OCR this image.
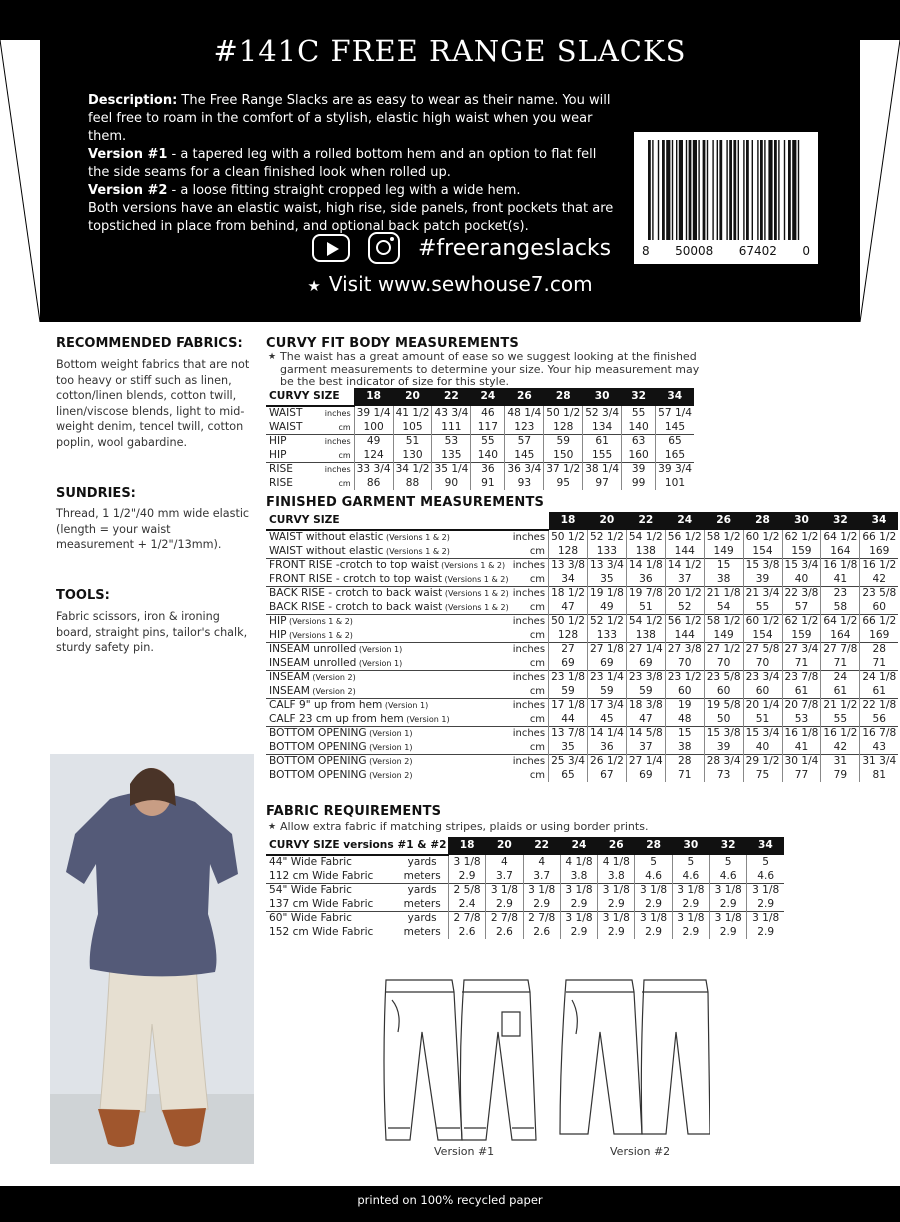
#141C FREE RANGE SLACKS
Description: The Free Range Slacks are as easy to wear as their name. You will feel free to roam in the comfort of a stylish, elastic high waist when you wear them.
Version #1 - a tapered leg with a rolled bottom hem and an option to flat fell the side seams for a clean finished look when rolled up.
Version #2 - a loose fitting straight cropped leg with a wide hem.
Both versions have an elastic waist, high rise, side panels, front pockets that are topstiched in place from behind, and optional back patch pocket(s).
8 50008 67402 0
#freerangeslacks
★ Visit www.sewhouse7.com
RECOMMENDED FABRICS:
Bottom weight fabrics that are not too heavy or stiff such as linen, cotton/linen blends, cotton twill, linen/viscose blends, light to mid-weight denim, tencel twill, cotton poplin, wool gabardine.
SUNDRIES:
Thread, 1 1/2"/40 mm wide elastic (length = your waist measurement + 1/2"/13mm).
TOOLS:
Fabric scissors, iron & ironing board, straight pins, tailor's chalk, sturdy safety pin.
CURVY FIT BODY MEASUREMENTS
★ The waist has a great amount of ease so we suggest looking at the finished garment measurements to determine your size. Your hip measurement may be the best indicator of size for this style.
CURVY SIZE		18	20	22	24	26	28	30	32	34
WAIST	inches	39 1/4	41 1/2	43 3/4	46	48 1/4	50 1/2	52 3/4	55	57 1/4
WAIST	cm	100	105	111	117	123	128	134	140	145
HIP	inches	49	51	53	55	57	59	61	63	65
HIP	cm	124	130	135	140	145	150	155	160	165
RISE	inches	33 3/4	34 1/2	35 1/4	36	36 3/4	37 1/2	38 1/4	39	39 3/4
RISE	cm	86	88	90	91	93	95	97	99	101
FINISHED GARMENT MEASUREMENTS
CURVY SIZE		18	20	22	24	26	28	30	32	34
WAIST without elastic (Versions 1 & 2)	inches	50 1/2	52 1/2	54 1/2	56 1/2	58 1/2	60 1/2	62 1/2	64 1/2	66 1/2
WAIST without elastic (Versions 1 & 2)	cm	128	133	138	144	149	154	159	164	169
FRONT RISE -crotch to top waist (Versions 1 & 2)	inches	13 3/8	13 3/4	14 1/8	14 1/2	15	15 3/8	15 3/4	16 1/8	16 1/2
FRONT RISE - crotch to top waist (Versions 1 & 2)	cm	34	35	36	37	38	39	40	41	42
BACK RISE - crotch to back waist (Versions 1 & 2)	inches	18 1/2	19 1/8	19 7/8	20 1/2	21 1/8	21 3/4	22 3/8	23	23 5/8
BACK RISE - crotch to back waist (Versions 1 & 2)	cm	47	49	51	52	54	55	57	58	60
HIP (Versions 1 & 2)	inches	50 1/2	52 1/2	54 1/2	56 1/2	58 1/2	60 1/2	62 1/2	64 1/2	66 1/2
HIP (Versions 1 & 2)	cm	128	133	138	144	149	154	159	164	169
INSEAM unrolled (Version 1)	inches	27	27 1/8	27 1/4	27 3/8	27 1/2	27 5/8	27 3/4	27 7/8	28
INSEAM unrolled (Version 1)	cm	69	69	69	70	70	70	71	71	71
INSEAM (Version 2)	inches	23 1/8	23 1/4	23 3/8	23 1/2	23 5/8	23 3/4	23 7/8	24	24 1/8
INSEAM (Version 2)	cm	59	59	59	60	60	60	61	61	61
CALF 9" up from hem (Version 1)	inches	17 1/8	17 3/4	18 3/8	19	19 5/8	20 1/4	20 7/8	21 1/2	22 1/8
CALF 23 cm up from hem (Version 1)	cm	44	45	47	48	50	51	53	55	56
BOTTOM OPENING (Version 1)	inches	13 7/8	14 1/4	14 5/8	15	15 3/8	15 3/4	16 1/8	16 1/2	16 7/8
BOTTOM OPENING (Version 1)	cm	35	36	37	38	39	40	41	42	43
BOTTOM OPENING (Version 2)	inches	25 3/4	26 1/2	27 1/4	28	28 3/4	29 1/2	30 1/4	31	31 3/4
BOTTOM OPENING (Version 2)	cm	65	67	69	71	73	75	77	79	81
FABRIC REQUIREMENTS
★ Allow extra fabric if matching stripes, plaids or using border prints.
CURVY SIZE versions #1 & #2		18	20	22	24	26	28	30	32	34
44" Wide Fabric	yards	3 1/8	4	4	4 1/8	4 1/8	5	5	5	5
112 cm Wide Fabric	meters	2.9	3.7	3.7	3.8	3.8	4.6	4.6	4.6	4.6
54" Wide Fabric	yards	2 5/8	3 1/8	3 1/8	3 1/8	3 1/8	3 1/8	3 1/8	3 1/8	3 1/8
137 cm Wide Fabric	meters	2.4	2.9	2.9	2.9	2.9	2.9	2.9	2.9	2.9
60" Wide Fabric	yards	2 7/8	2 7/8	2 7/8	3 1/8	3 1/8	3 1/8	3 1/8	3 1/8	3 1/8
152 cm Wide Fabric	meters	2.6	2.6	2.6	2.9	2.9	2.9	2.9	2.9	2.9
Version #1	Version #2
printed on 100% recycled paper
